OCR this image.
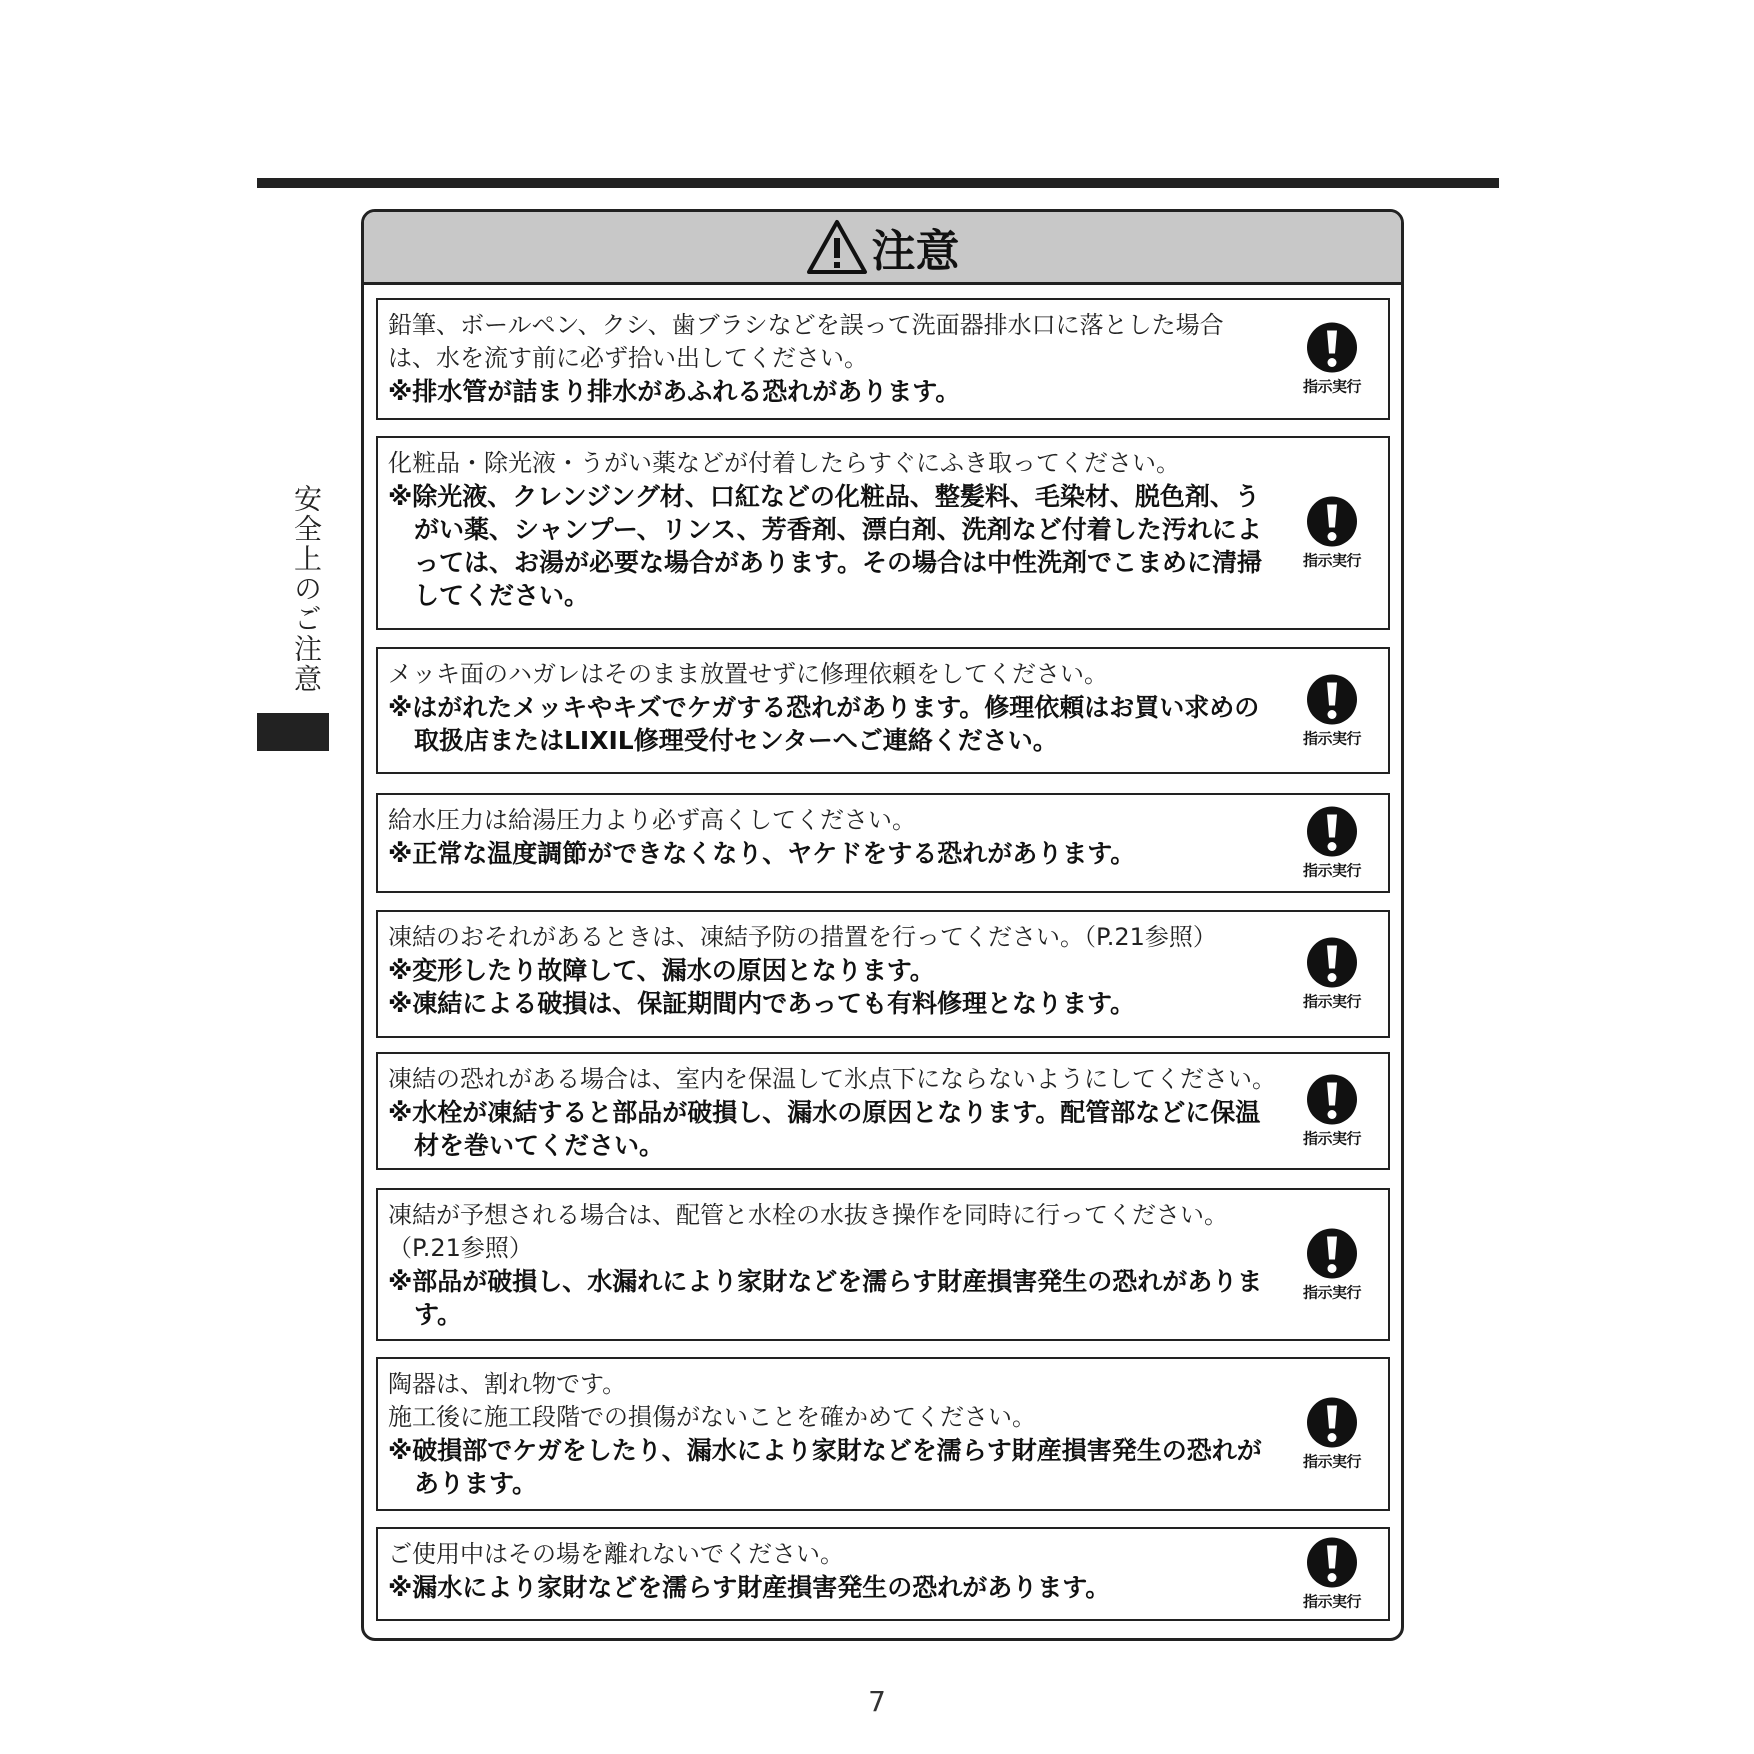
安全上のご注意
注意
鉛筆、ボールペン、クシ、歯ブラシなどを誤って洗面器排水口に落とした場合
は、水を流す前に必ず拾い出してください。
※排水管が詰まり排水があふれる恐れがあります。	指示実行
化粧品・除光液・うがい薬などが付着したらすぐにふき取ってください。
※除光液、クレンジング材、口紅などの化粧品、整髪料、毛染材、脱色剤、うがい薬、シャンプー、リンス、芳香剤、漂白剤、洗剤など付着した汚れによっては、お湯が必要な場合があります。その場合は中性洗剤でこまめに清掃してください。
指示実行
メッキ面のハガレはそのまま放置せずに修理依頼をしてください。
※はがれたメッキやキズでケガする恐れがあります。修理依頼はお買い求めの取扱店またはLIXIL修理受付センターへご連絡ください。	指示実行
給水圧力は給湯圧力より必ず高くしてください。
※正常な温度調節ができなくなり、ヤケドをする恐れがあります。
指示実行
凍結のおそれがあるときは、凍結予防の措置を行ってください。（P.21参照）
※変形したり故障して、漏水の原因となります。
※凍結による破損は、保証期間内であっても有料修理となります。	指示実行
凍結の恐れがある場合は、室内を保温して氷点下にならないようにしてください。
※水栓が凍結すると部品が破損し、漏水の原因となります。配管部などに保温材を巻いてください。	指示実行
凍結が予想される場合は、配管と水栓の水抜き操作を同時に行ってください。
（P.21参照）
※部品が破損し、水漏れにより家財などを濡らす財産損害発生の恐れがあります。
指示実行
陶器は、割れ物です。
施工後に施工段階での損傷がないことを確かめてください。
※破損部でケガをしたり、漏水により家財などを濡らす財産損害発生の恐れがあります。
指示実行
ご使用中はその場を離れないでください。
※漏水により家財などを濡らす財産損害発生の恐れがあります。	指示実行
7
